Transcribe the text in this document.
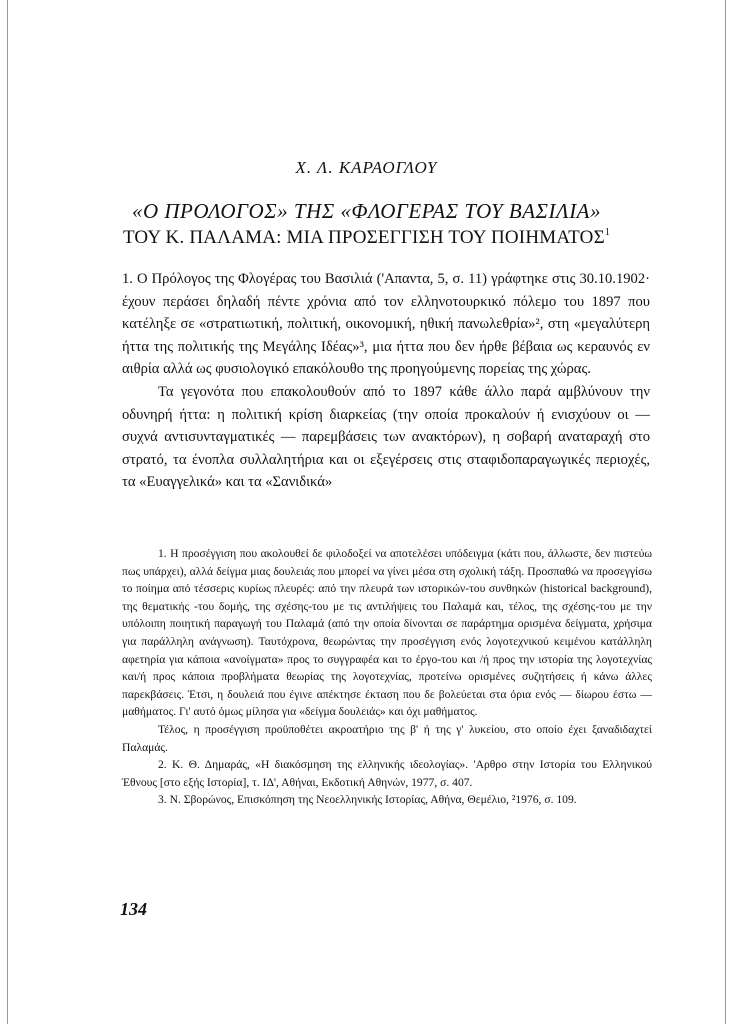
Χ. Λ. ΚΑΡΑΟΓΛΟΥ
«Ο ΠΡΟΛΟΓΟΣ» ΤΗΣ «ΦΛΟΓΕΡΑΣ ΤΟΥ ΒΑΣΙΛΙΑ»
ΤΟΥ Κ. ΠΑΛΑΜΑ: ΜΙΑ ΠΡΟΣΕΓΓΙΣΗ ΤΟΥ ΠΟΙΗΜΑΤΟΣ$^1$

1. Ο Πρόλογος της Φλογέρας του Βασιλιά ('Απαντα, 5, σ. 11) γράφτηκε στις 30.10.1902· έχουν περάσει δηλαδή πέντε χρόνια από τον ελληνοτουρκικό πόλεμο του 1897 που κατέληξε σε «στρατιωτική, πολιτική, οικονομική, ηθική πανωλεθρία»², στη «μεγαλύτερη ήττα της πολιτικής της Μεγάλης Ιδέας»³, μια ήττα που δεν ήρθε βέβαια ως κεραυνός εν αιθρία αλλά ως φυσιολογικό επακόλουθο της προηγούμενης πορείας της χώρας.

Τα γεγονότα που επακολουθούν από το 1897 κάθε άλλο παρά αμβλύνουν την οδυνηρή ήττα: η πολιτική κρίση διαρκείας (την οποία προκαλούν ή ενισχύουν οι — συχνά αντισυνταγματικές — παρεμβάσεις των ανακτόρων), η σοβαρή αναταραχή στο στρατό, τα ένοπλα συλλαλητήρια και οι εξεγέρσεις στις σταφιδοπαραγωγικές περιοχές, τα «Ευαγγελικά» και τα «Σανιδικά»

1. Η προσέγγιση που ακολουθεί δε φιλοδοξεί να αποτελέσει υπόδειγμα (κάτι που, άλλωστε, δεν πιστεύω πως υπάρχει), αλλά δείγμα μιας δουλειάς που μπορεί να γίνει μέσα στη σχολική τάξη. Προσπαθώ να προσεγγίσω το ποίημα από τέσσερις κυρίως πλευρές: από την πλευρά των ιστορικών-του συνθηκών (historical background), της θεματικής -του δομής, της σχέσης-του με τις αντιλήψεις του Παλαμά και, τέλος, της σχέσης-του με την υπόλοιπη ποιητική παραγωγή του Παλαμά (από την οποία δίνονται σε παράρτημα ορισμένα δείγματα, χρήσιμα για παράλληλη ανάγνωση). Ταυτόχρονα, θεωρώντας την προσέγγιση ενός λογοτεχνικού κειμένου κατάλληλη αφετηρία για κάποια «ανοίγματα» προς το συγγραφέα και το έργο-του και /ή προς την ιστορία της λογοτεχνίας και/ή προς κάποια προβλήματα θεωρίας της λογοτεχνίας, προτείνω ορισμένες συζητήσεις ή κάνω άλλες παρεκβάσεις. Έτσι, η δουλειά που έγινε απέκτησε έκταση που δε βολεύεται στα όρια ενός — δίωρου έστω — μαθήματος. Γι' αυτό όμως μίλησα για «δείγμα δουλειάς» και όχι μαθήματος.

Τέλος, η προσέγγιση προϋποθέτει ακροατήριο της β' ή της γ' λυκείου, στο οποίο έχει ξαναδιδαχτεί Παλαμάς.

2. Κ. Θ. Δημαράς, «Η διακόσμηση της ελληνικής ιδεολογίας». 'Αρθρο στην Ιστορία του Ελληνικού Έθνους [στο εξής Ιστορία], τ. ΙΔ', Αθήναι, Εκδοτική Αθηνών, 1977, σ. 407.

3. Ν. Σβορώνος, Επισκόπηση της Νεοελληνικής Ιστορίας, Αθήνα, Θεμέλιο, ²1976, σ. 109.

134
